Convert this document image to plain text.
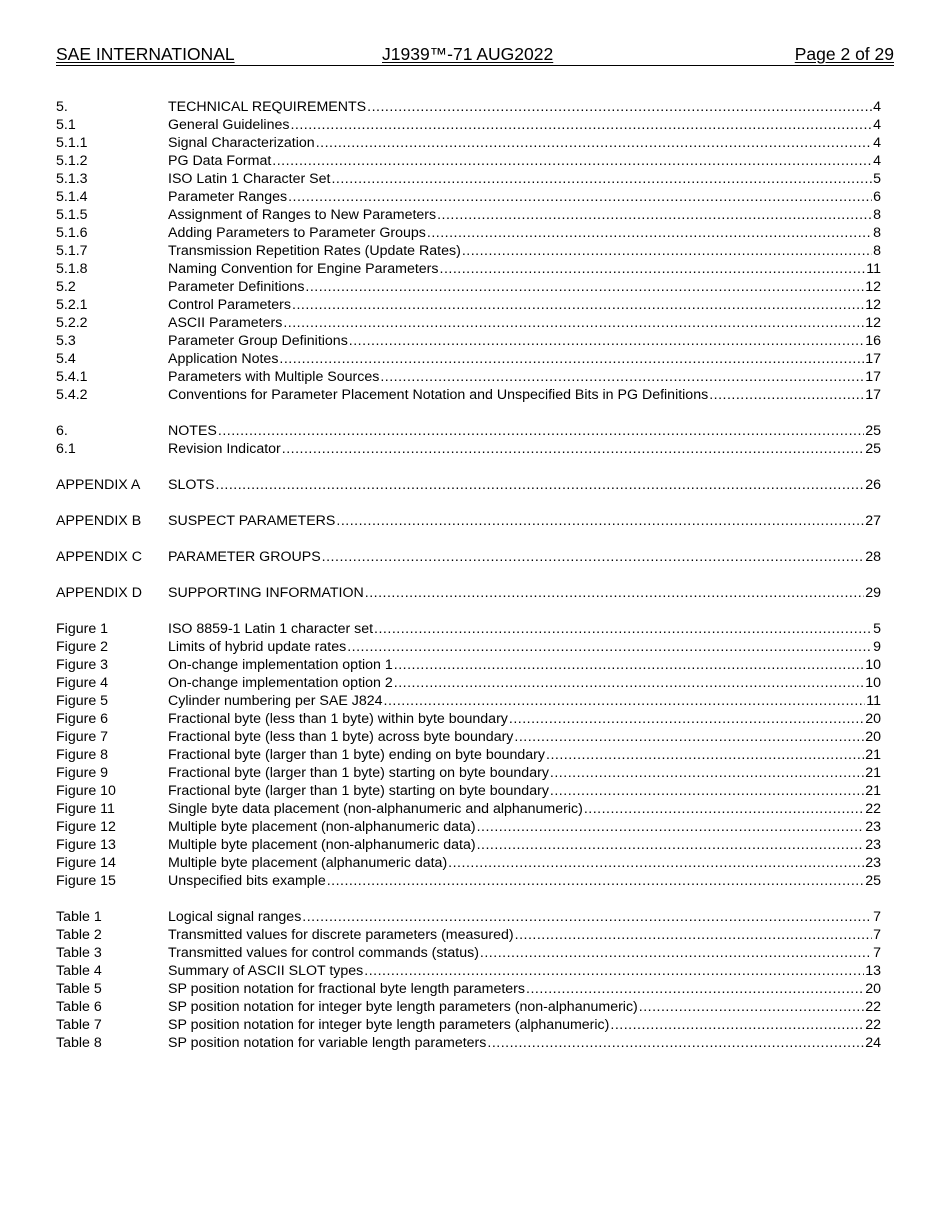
SAE INTERNATIONAL	J1939™-71 AUG2022	Page 2 of 29
5.	TECHNICAL REQUIREMENTS .....	4
5.1	General Guidelines .....	4
5.1.1	Signal Characterization .....	4
5.1.2	PG Data Format .....	4
5.1.3	ISO Latin 1 Character Set .....	5
5.1.4	Parameter Ranges .....	6
5.1.5	Assignment of Ranges to New Parameters .....	8
5.1.6	Adding Parameters to Parameter Groups .....	8
5.1.7	Transmission Repetition Rates (Update Rates) .....	8
5.1.8	Naming Convention for Engine Parameters .....	11
5.2	Parameter Definitions .....	12
5.2.1	Control Parameters .....	12
5.2.2	ASCII Parameters .....	12
5.3	Parameter Group Definitions .....	16
5.4	Application Notes .....	17
5.4.1	Parameters with Multiple Sources .....	17
5.4.2	Conventions for Parameter Placement Notation and Unspecified Bits in PG Definitions .....	17
6.	NOTES .....	25
6.1	Revision Indicator .....	25
APPENDIX A SLOTS .....	26
APPENDIX B SUSPECT PARAMETERS .....	27
APPENDIX C PARAMETER GROUPS .....	28
APPENDIX D SUPPORTING INFORMATION .....	29
Figure 1	ISO 8859-1 Latin 1 character set .....	5
Figure 2	Limits of hybrid update rates .....	9
Figure 3	On-change implementation option 1 .....	10
Figure 4	On-change implementation option 2 .....	10
Figure 5	Cylinder numbering per SAE J824 .....	11
Figure 6	Fractional byte (less than 1 byte) within byte boundary .....	20
Figure 7	Fractional byte (less than 1 byte) across byte boundary .....	20
Figure 8	Fractional byte (larger than 1 byte) ending on byte boundary .....	21
Figure 9	Fractional byte (larger than 1 byte) starting on byte boundary .....	21
Figure 10	Fractional byte (larger than 1 byte) starting on byte boundary .....	21
Figure 11	Single byte data placement (non-alphanumeric and alphanumeric) .....	22
Figure 12	Multiple byte placement (non-alphanumeric data) .....	23
Figure 13	Multiple byte placement (non-alphanumeric data) .....	23
Figure 14	Multiple byte placement (alphanumeric data) .....	23
Figure 15	Unspecified bits example .....	25
Table 1	Logical signal ranges .....	7
Table 2	Transmitted values for discrete parameters (measured) .....	7
Table 3	Transmitted values for control commands (status) .....	7
Table 4	Summary of ASCII SLOT types .....	13
Table 5	SP position notation for fractional byte length parameters .....	20
Table 6	SP position notation for integer byte length parameters (non-alphanumeric) .....	22
Table 7	SP position notation for integer byte length parameters (alphanumeric) .....	22
Table 8	SP position notation for variable length parameters .....	24
